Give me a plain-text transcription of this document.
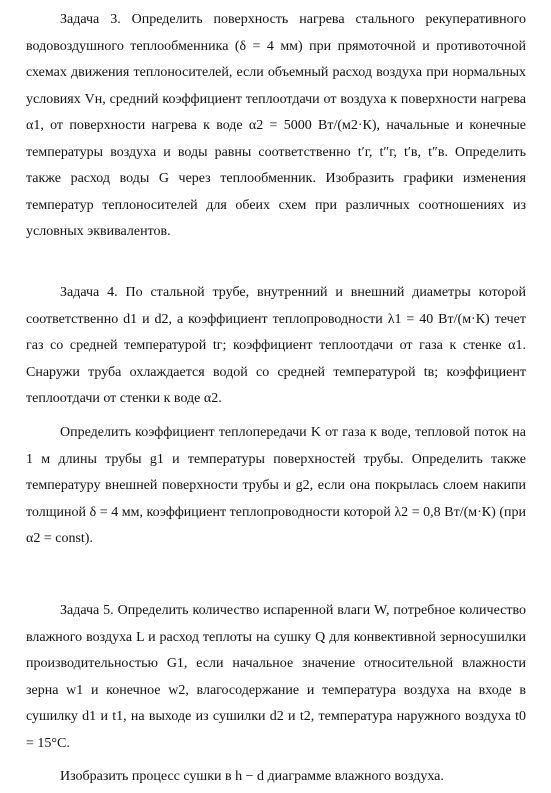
Задача 3. Определить поверхность нагрева стального рекуперативного водовоздушного теплообменника (δ = 4 мм) при прямоточной и противоточной схемах движения теплоносителей, если объемный расход воздуха при нормальных условиях Vн, средний коэффициент теплоотдачи от воздуха к поверхности нагрева α1, от поверхности нагрева к воде α2 = 5000 Вт/(м2·К), начальные и конечные температуры воздуха и воды равны соответственно t′г, t″г, t′в, t″в. Определить также расход воды G через теплообменник. Изобразить графики изменения температур теплоносителей для обеих схем при различных соотношениях из условных эквивалентов.

Задача 4. По стальной трубе, внутренний и внешний диаметры которой соответственно d1 и d2, а коэффициент теплопроводности λ1 = 40 Вт/(м·К) течет газ со средней температурой tг; коэффициент теплоотдачи от газа к стенке α1. Снаружи труба охлаждается водой со средней температурой tв; коэффициент теплоотдачи от стенки к воде α2.

Определить коэффициент теплопередачи K от газа к воде, тепловой поток на 1 м длины трубы g1 и температуры поверхностей трубы. Определить также температуру внешней поверхности трубы и g2, если она покрылась слоем накипи толщиной δ = 4 мм, коэффициент теплопроводности которой λ2 = 0,8 Вт/(м·К) (при α2 = const).

Задача 5. Определить количество испаренной влаги W, потребное количество влажного воздуха L и расход теплоты на сушку Q для конвективной зерносушилки производительностью G1, если начальное значение относительной влажности зерна w1 и конечное w2, влагосодержание и температура воздуха на входе в сушилку d1 и t1, на выходе из сушилки d2 и t2, температура наружного воздуха t0 = 15°С.

Изобразить процесс сушки в h − d диаграмме влажного воздуха.
